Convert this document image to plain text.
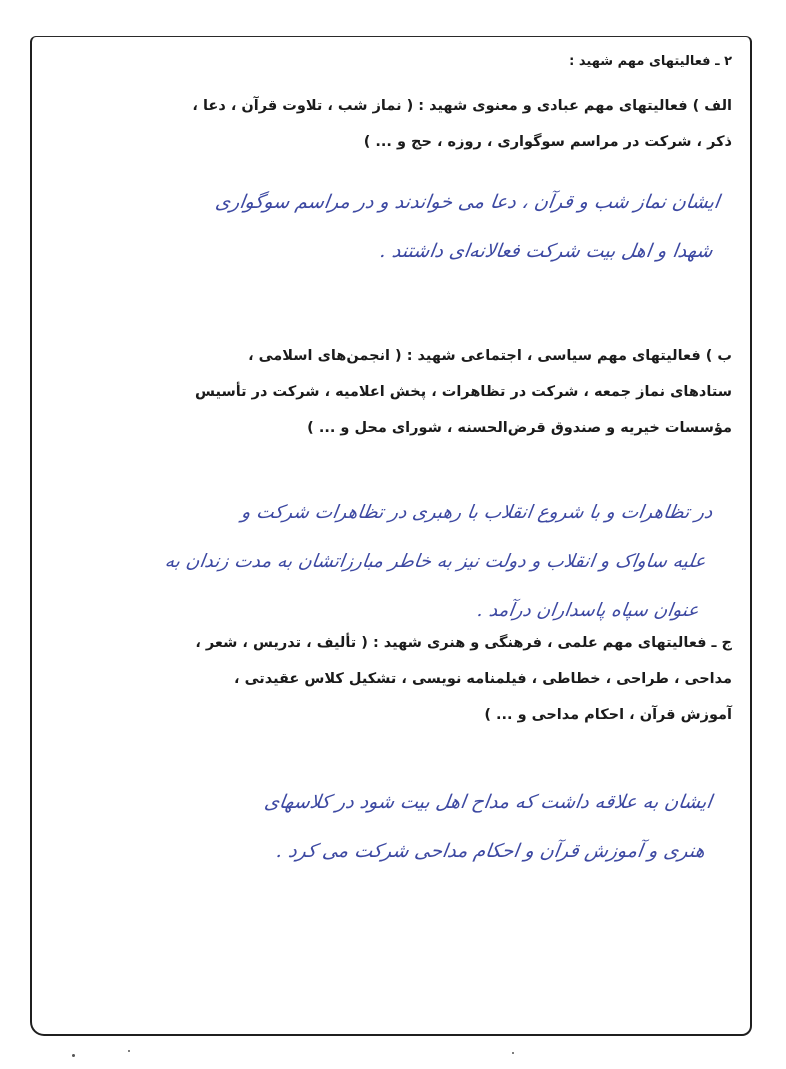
۲ ـ فعالیتهای مهم شهید :
الف ) فعالیتهای مهم عبادی و معنوی شهید : ( نماز شب ، تلاوت قرآن ، دعا ،
ذکر ، شرکت در مراسم سوگواری ، روزه ، حج و ... )
ایشان نماز شب و قرآن ، دعا می خواندند و در مراسم سوگواری
شهدا و اهل بیت شرکت فعالانه‌ای داشتند .
ب ) فعالیتهای مهم سیاسی ، اجتماعی شهید : ( انجمن‌های اسلامی ،
ستادهای نماز جمعه ، شرکت در تظاهرات ، پخش اعلامیه ، شرکت در تأسیس
مؤسسات خیریه و صندوق قرض‌الحسنه ، شورای محل و ... )
در تظاهرات و با شروع انقلاب با رهبری در تظاهرات شرکت و
علیه ساواک و انقلاب و دولت نیز به خاطر مبارزاتشان به مدت زندان به
عنوان سپاه پاسداران درآمد .
ج ـ فعالیتهای مهم علمی ، فرهنگی و هنری شهید : ( تألیف ، تدریس ، شعر ،
مداحی ، طراحی ، خطاطی ، فیلمنامه نویسی ، تشکیل کلاس عقیدتی ،
آموزش قرآن ، احکام مداحی و ... )
ایشان به علاقه داشت که مداح اهل بیت شود در کلاسهای
هنری و آموزش قرآن و احکام مداحی شرکت می کرد .
